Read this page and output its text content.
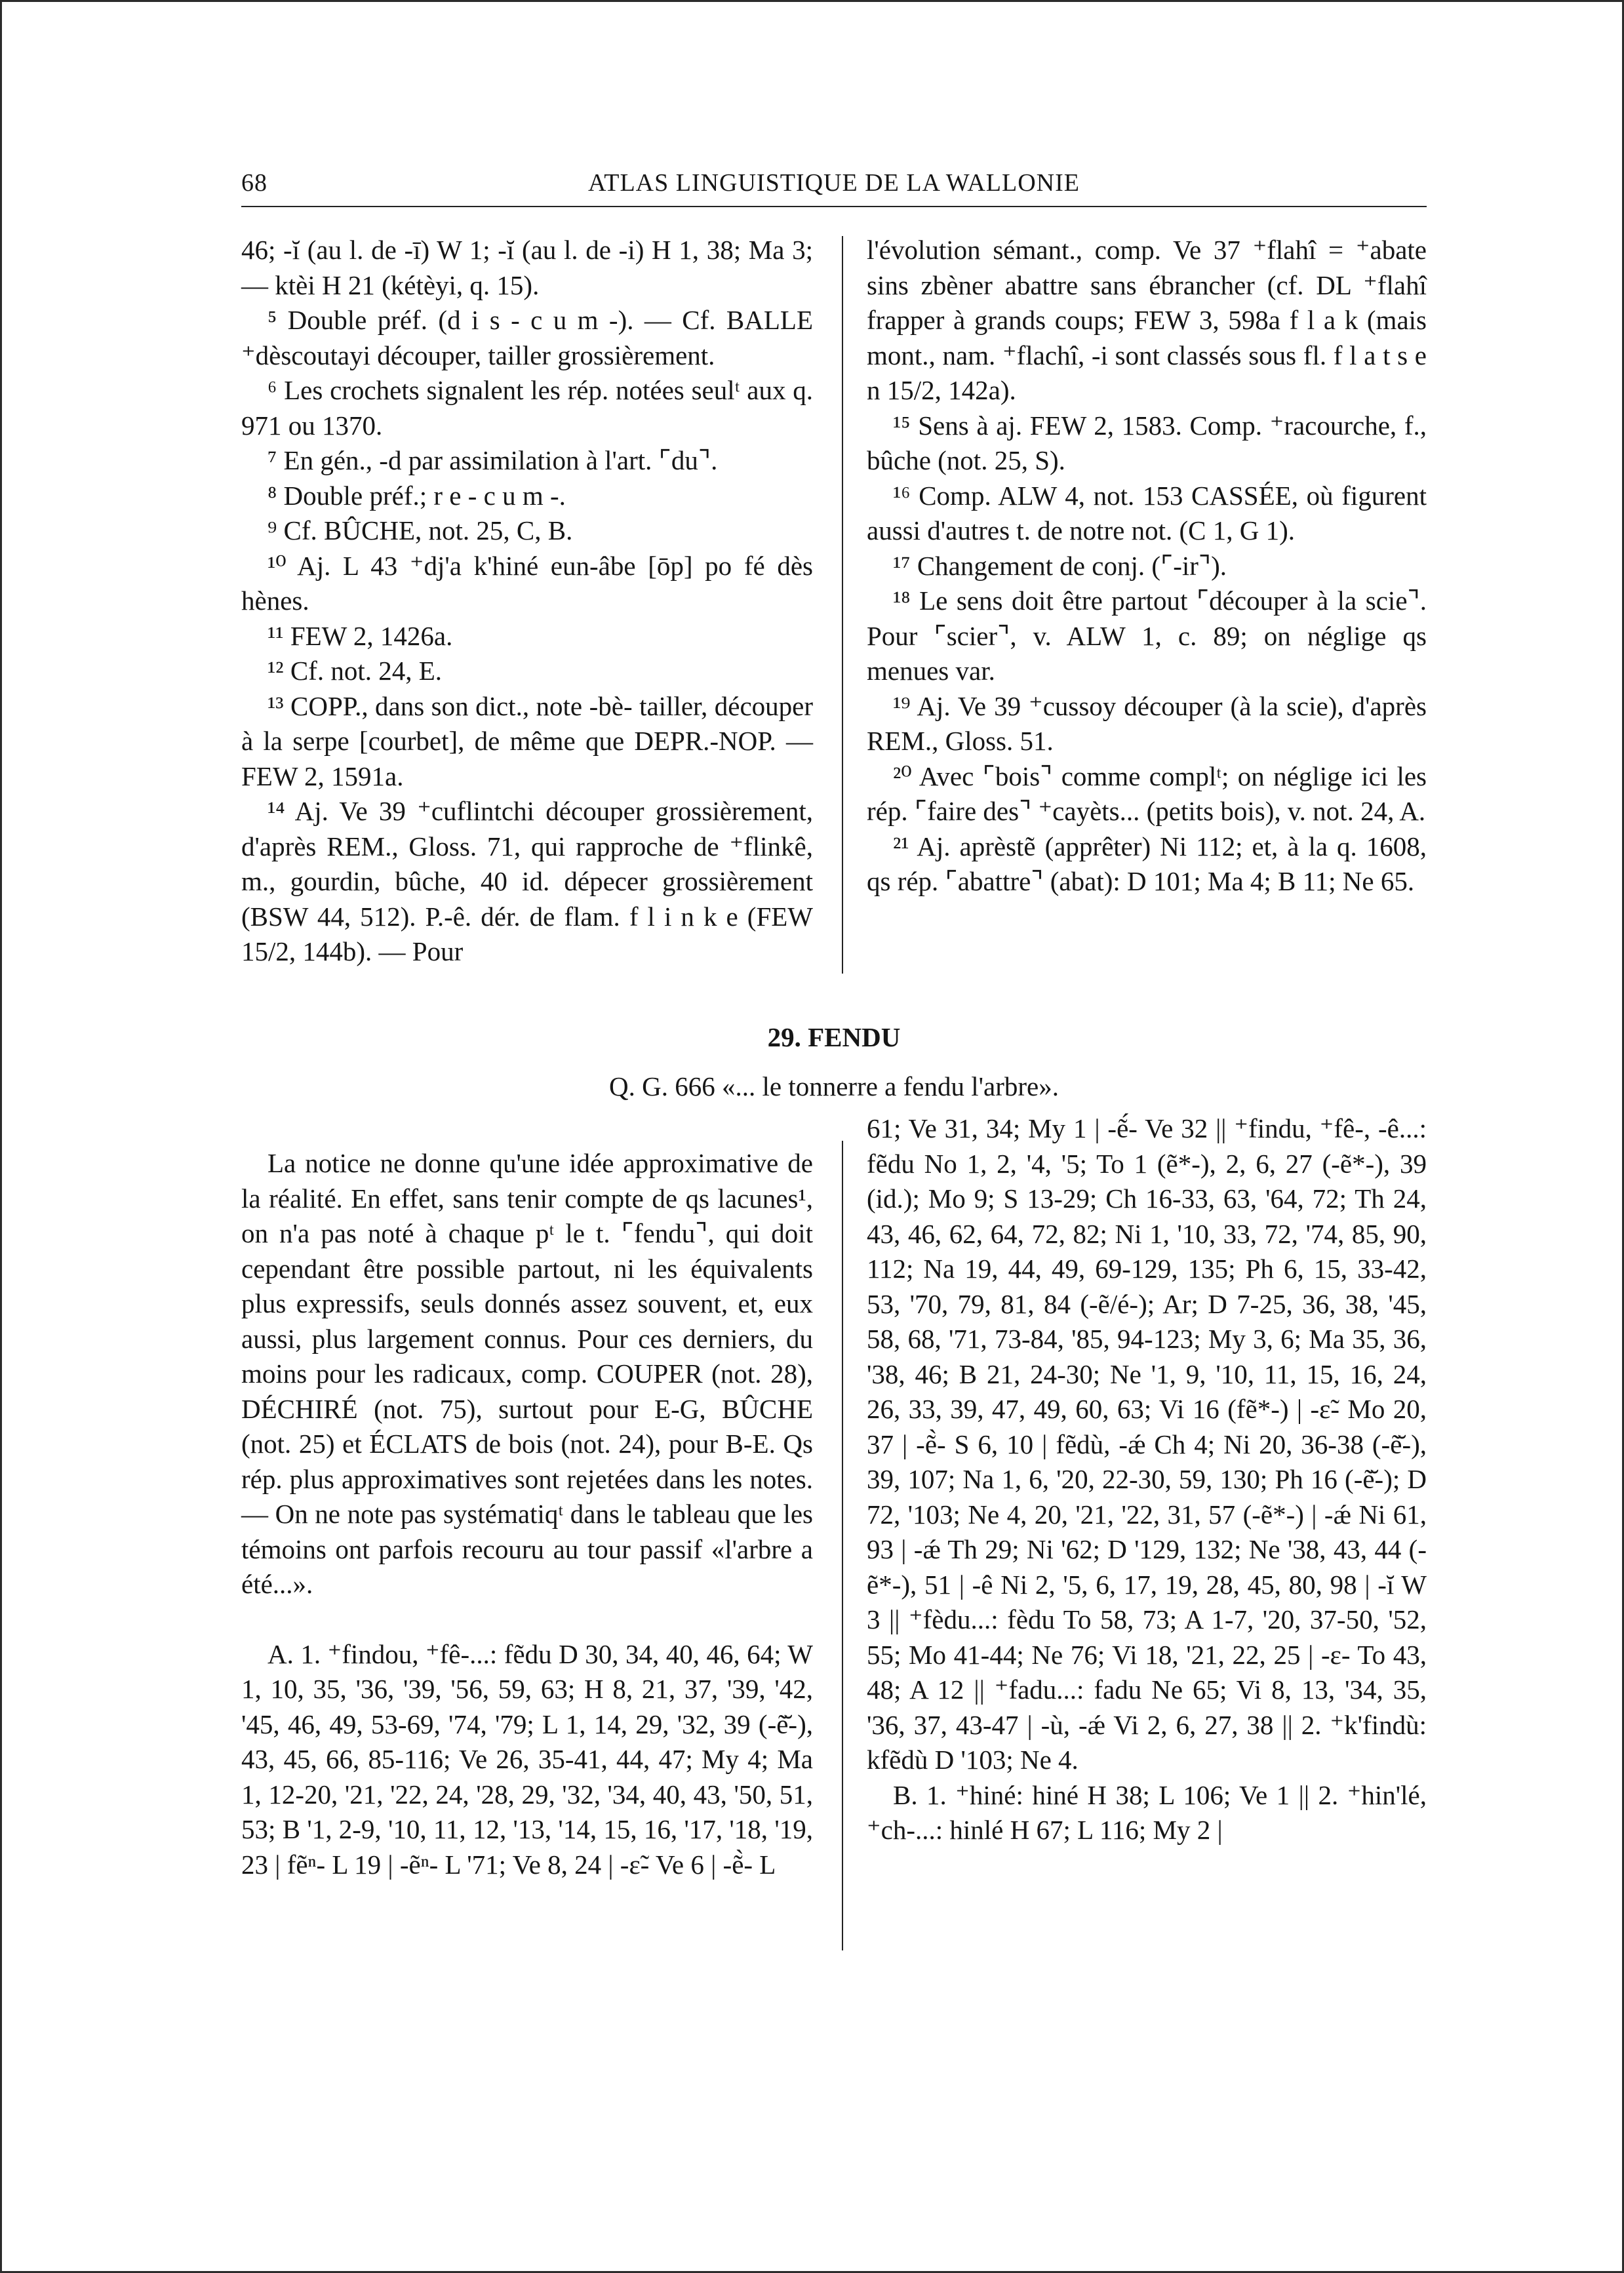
68	ATLAS LINGUISTIQUE DE LA WALLONIE

46; -ĭ (au l. de -ī) W 1; -ĭ (au l. de -i) H 1, 38; Ma 3; — ktèi H 21 (kétèyi, q. 15).

⁵ Double préf. (d i s - c u m -). — Cf. BALLE ⁺dèscoutayi découper, tailler grossièrement.

⁶ Les crochets signalent les rép. notées seulᵗ aux q. 971 ou 1370.

⁷ En gén., -d par assimilation à l'art. ⌜du⌝.

⁸ Double préf.; r e - c u m -.

⁹ Cf. BÛCHE, not. 25, C, B.

¹⁰ Aj. L 43 ⁺dj'a k'hiné eun-âbe [ōp] po fé dès hènes.

¹¹ FEW 2, 1426a.

¹² Cf. not. 24, E.

¹³ COPP., dans son dict., note -bè- tailler, découper à la serpe [courbet], de même que DEPR.-NOP. — FEW 2, 1591a.

¹⁴ Aj. Ve 39 ⁺cuflintchi découper grossièrement, d'après REM., Gloss. 71, qui rapproche de ⁺flinkê, m., gourdin, bûche, 40 id. dépecer grossièrement (BSW 44, 512). P.-ê. dér. de flam. f l i n k e (FEW 15/2, 144b). — Pour

l'évolution sémant., comp. Ve 37 ⁺flahî = ⁺abate sins zbèner abattre sans ébrancher (cf. DL ⁺flahî frapper à grands coups; FEW 3, 598a f l a k (mais mont., nam. ⁺flachî, -i sont classés sous fl. f l a t s e n 15/2, 142a).

¹⁵ Sens à aj. FEW 2, 1583. Comp. ⁺racourche, f., bûche (not. 25, S).

¹⁶ Comp. ALW 4, not. 153 CASSÉE, où figurent aussi d'autres t. de notre not. (C 1, G 1).

¹⁷ Changement de conj. (⌜-ir⌝).

¹⁸ Le sens doit être partout ⌜découper à la scie⌝. Pour ⌜scier⌝, v. ALW 1, c. 89; on néglige qs menues var.

¹⁹ Aj. Ve 39 ⁺cussoy découper (à la scie), d'après REM., Gloss. 51.

²⁰ Avec ⌜bois⌝ comme complᵗ; on néglige ici les rép. ⌜faire des⌝ ⁺cayèts... (petits bois), v. not. 24, A.

²¹ Aj. aprèstẽ (apprêter) Ni 112; et, à la q. 1608, qs rép. ⌜abattre⌝ (abat): D 101; Ma 4; B 11; Ne 65.

29. FENDU
Q. G. 666 «... le tonnerre a fendu l'arbre».

La notice ne donne qu'une idée approximative de la réalité. En effet, sans tenir compte de qs lacunes¹, on n'a pas noté à chaque pᵗ le t. ⌜fendu⌝, qui doit cependant être possible partout, ni les équivalents plus expressifs, seuls donnés assez souvent, et, eux aussi, plus largement connus. Pour ces derniers, du moins pour les radicaux, comp. COUPER (not. 28), DÉCHIRÉ (not. 75), surtout pour E-G, BÛCHE (not. 25) et ÉCLATS de bois (not. 24), pour B-E. Qs rép. plus approximatives sont rejetées dans les notes. — On ne note pas systématiqᵗ dans le tableau que les témoins ont parfois recouru au tour passif «l'arbre a été...».

A. 1. ⁺findou, ⁺fê-...: fẽdu D 30, 34, 40, 46, 64; W 1, 10, 35, '36, '39, '56, 59, 63; H 8, 21, 37, '39, '42, '45, 46, 49, 53-69, '74, '79; L 1, 14, 29, '32, 39 (-ẽ̆-), 43, 45, 66, 85-116; Ve 26, 35-41, 44, 47; My 4; Ma 1, 12-20, '21, '22, 24, '28, 29, '32, '34, 40, 43, '50, 51, 53; B '1, 2-9, '10, 11, 12, '13, '14, 15, 16, '17, '18, '19, 23 | fẽⁿ- L 19 | -ẽⁿ- L '71; Ve 8, 24 | -ɛ̃- Ve 6 | -ẽ̀- L

61; Ve 31, 34; My 1 | -ẽ́- Ve 32 || ⁺findu, ⁺fê-, -ê...: fẽdu No 1, 2, '4, '5; To 1 (ẽ*-), 2, 6, 27 (-ẽ*-), 39 (id.); Mo 9; S 13-29; Ch 16-33, 63, '64, 72; Th 24, 43, 46, 62, 64, 72, 82; Ni 1, '10, 33, 72, '74, 85, 90, 112; Na 19, 44, 49, 69-129, 135; Ph 6, 15, 33-42, 53, '70, 79, 81, 84 (-ẽ/é-); Ar; D 7-25, 36, 38, '45, 58, 68, '71, 73-84, '85, 94-123; My 3, 6; Ma 35, 36, '38, 46; B 21, 24-30; Ne '1, 9, '10, 11, 15, 16, 24, 26, 33, 39, 47, 49, 60, 63; Vi 16 (fẽ*-) | -ɛ̃- Mo 20, 37 | -ẽ̀- S 6, 10 | fẽdù, -ǽ Ch 4; Ni 20, 36-38 (-ẽ̆-), 39, 107; Na 1, 6, '20, 22-30, 59, 130; Ph 16 (-ẽ̆-); D 72, '103; Ne 4, 20, '21, '22, 31, 57 (-ẽ*-) | -ǽ Ni 61, 93 | -ǽ Th 29; Ni '62; D '129, 132; Ne '38, 43, 44 (-ẽ*-), 51 | -ê Ni 2, '5, 6, 17, 19, 28, 45, 80, 98 | -ĭ W 3 || ⁺fèdu...: fèdu To 58, 73; A 1-7, '20, 37-50, '52, 55; Mo 41-44; Ne 76; Vi 18, '21, 22, 25 | -ɛ- To 43, 48; A 12 || ⁺fadu...: fadu Ne 65; Vi 8, 13, '34, 35, '36, 37, 43-47 | -ù, -ǽ Vi 2, 6, 27, 38 || 2. ⁺k'findù: kfẽdù D '103; Ne 4.

B. 1. ⁺hiné: hiné H 38; L 106; Ve 1 || 2. ⁺hin'lé, ⁺ch-...: hinlé H 67; L 116; My 2 |
